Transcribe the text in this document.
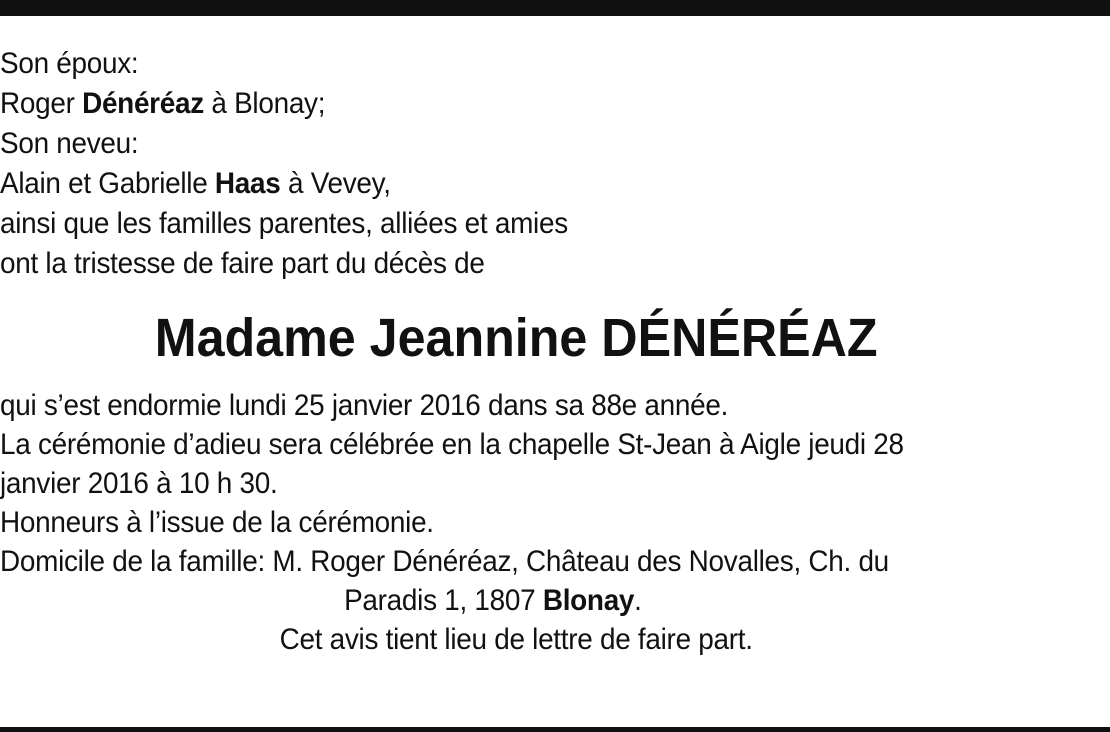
Son époux:
Roger Dénéréaz à Blonay;
Son neveu:
Alain et Gabrielle Haas à Vevey,
ainsi que les familles parentes, alliées et amies
ont la tristesse de faire part du décès de
Madame Jeannine DÉNÉRÉAZ
qui s’est endormie lundi 25 janvier 2016 dans sa 88e année.
La cérémonie d’adieu sera célébrée en la chapelle St-Jean à Aigle jeudi 28
janvier 2016 à 10 h 30.
Honneurs à l’issue de la cérémonie.
Domicile de la famille: M. Roger Dénéréaz, Château des Novalles, Ch. du
Paradis 1, 1807 Blonay.
Cet avis tient lieu de lettre de faire part.
